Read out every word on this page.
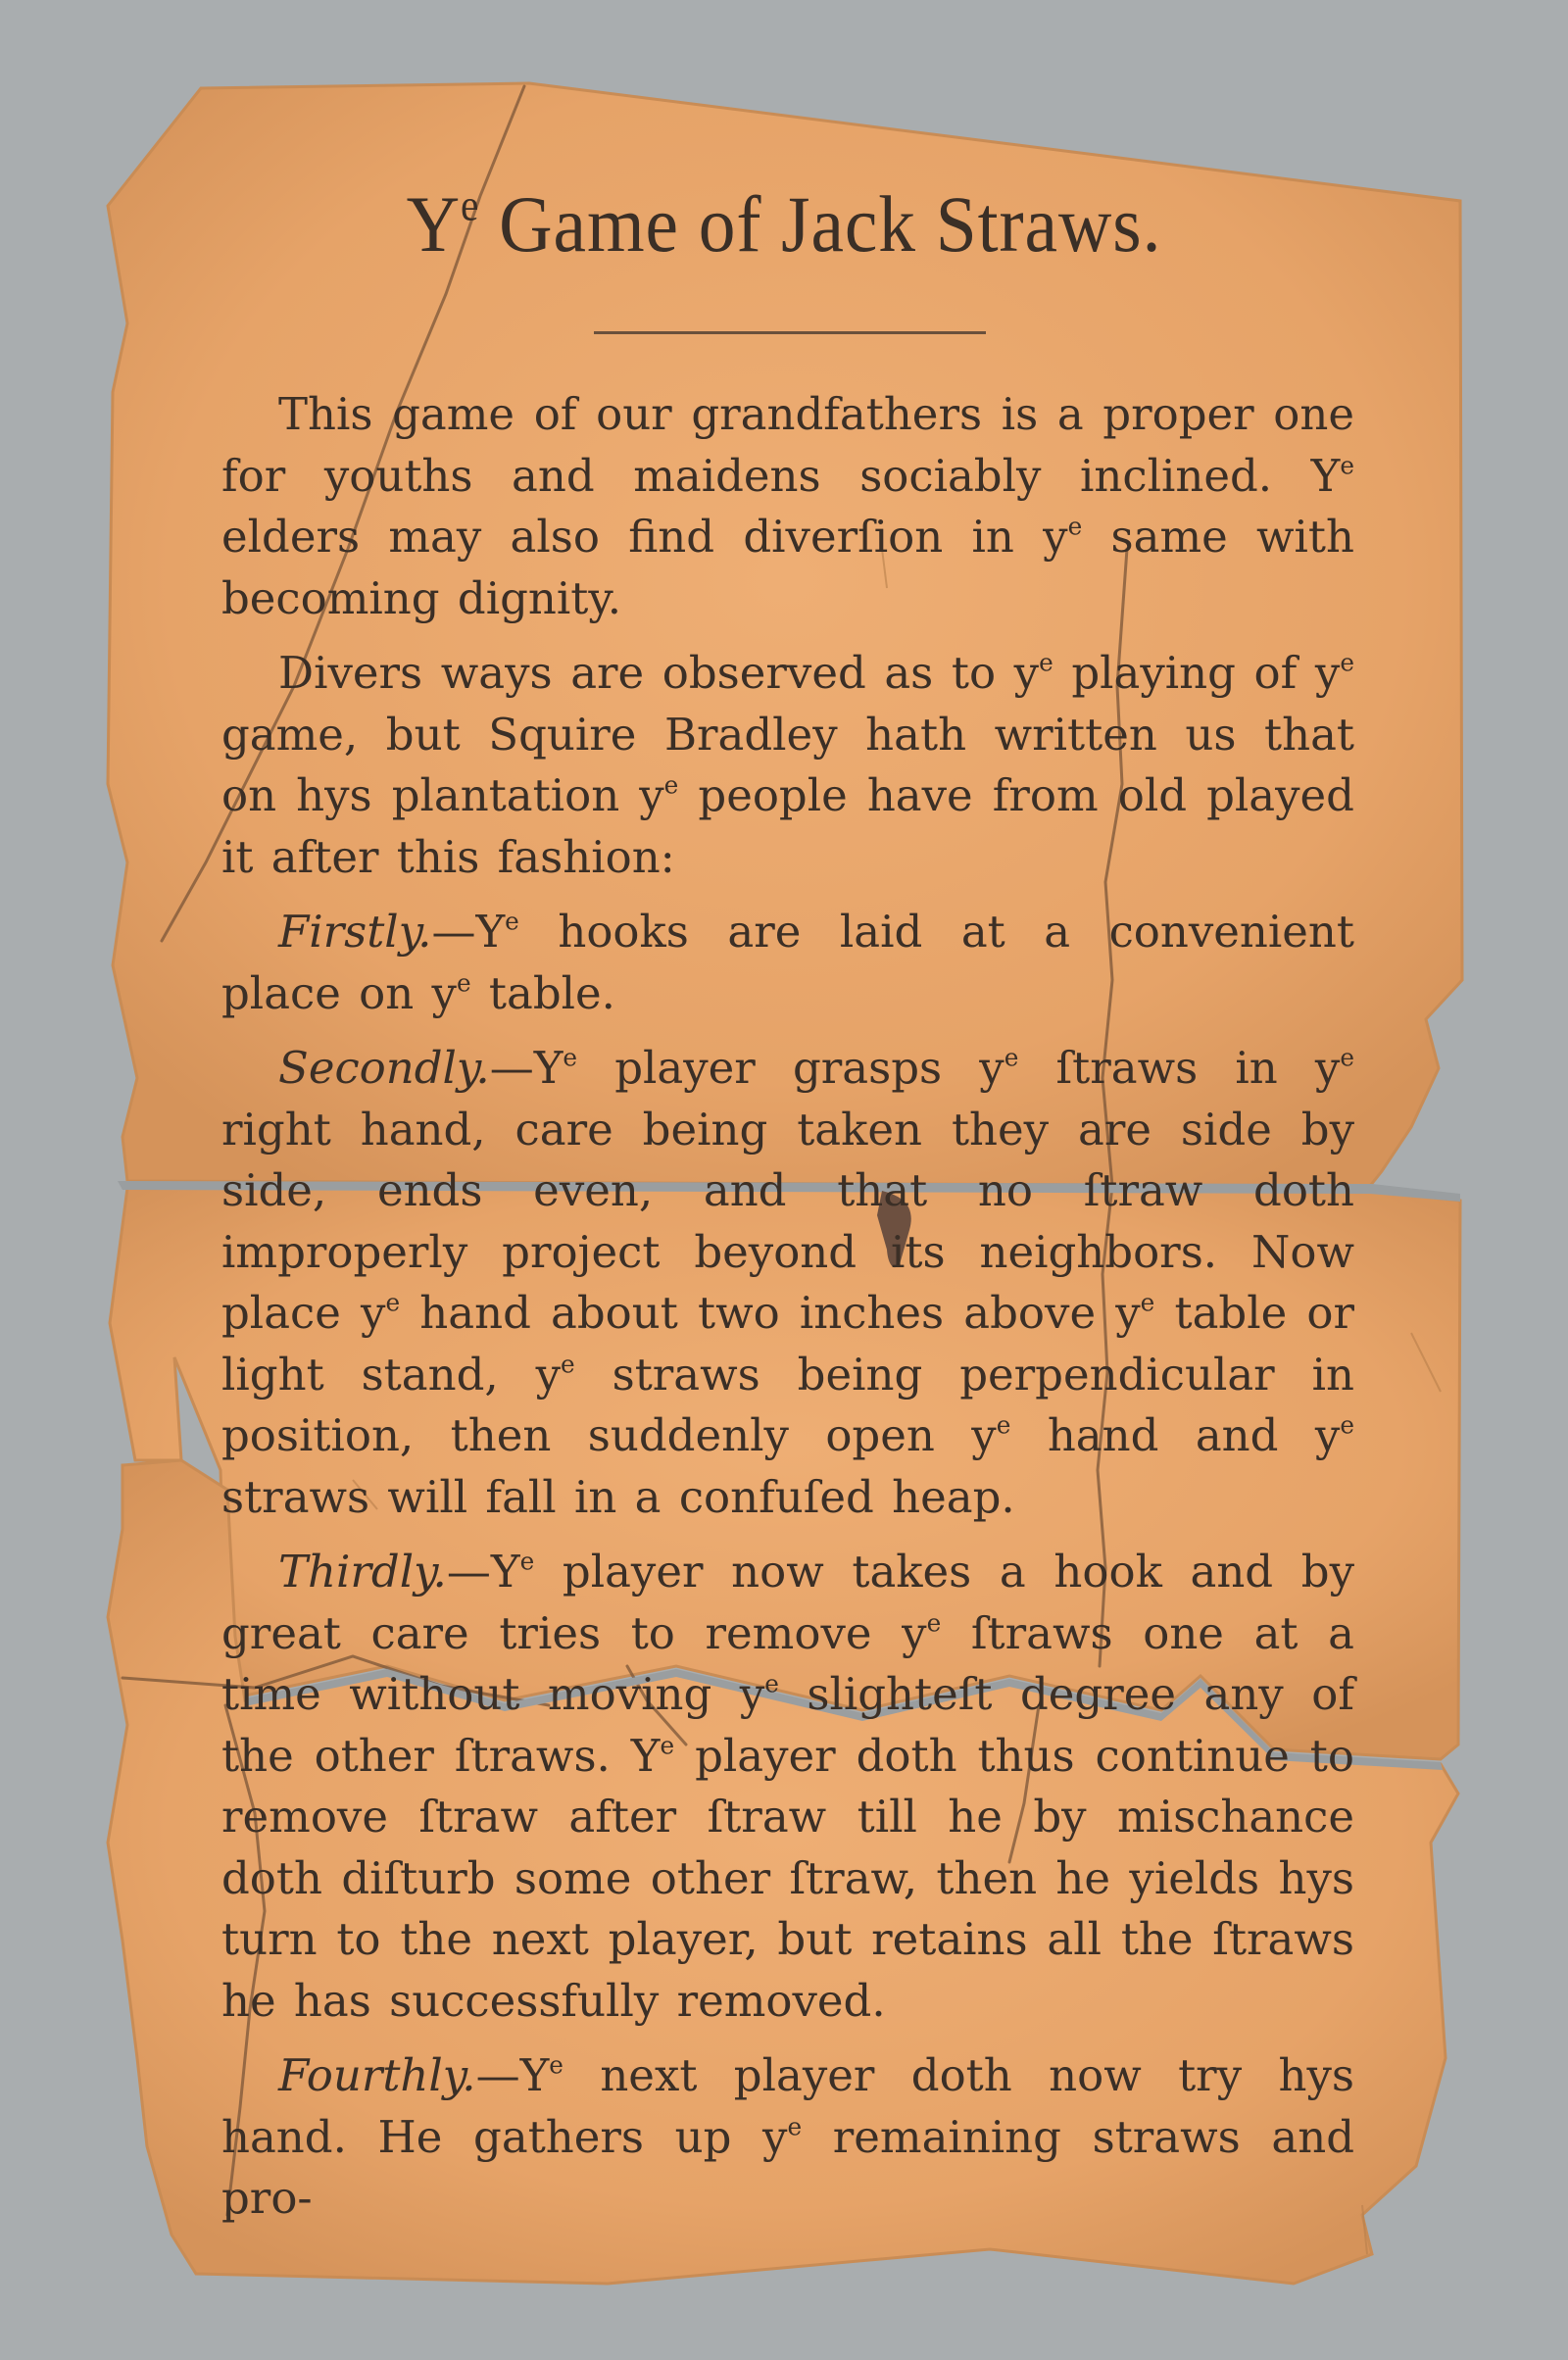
$Y^e$ Game of Jack Straws.

This game of our grandfathers is a proper one for youths and maidens sociably inclined. $Y^e$ elders may also find diverſion in $y^e$ same with becoming dignity.

Divers ways are observed as to $y^e$ playing of $y^e$ game, but Squire Bradley hath written us that on hys plantation $y^e$ people have from old played it after this fashion:

$Firstly.—Y^e$ hooks are laid at a convenient place on $y^e$ table.

$Secondly.—Y^e$ player grasps $y^e$ ſtraws in $y^e$ right hand, care being taken they are side by side, ends even, and that no ſtraw doth improperly project beyond its neighbors. Now place $y^e$ hand about two inches above $y^e$ table or light stand, $y^e$ straws being perpendicular in position, then suddenly open $y^e$ hand and $y^e$ straws will fall in a confuſed heap.

$Thirdly.—Y^e$ player now takes a hook and by great care tries to remove $y^e$ ſtraws one at a time without moving $y^e$ slighteſt degree any of the other ſtraws. $Y^e$ player doth thus continue to remove ſtraw after ſtraw till he by mischance doth diſturb some other ſtraw, then he yields hys turn to the next player, but retains all the ſtraws he has successfully removed.

$Fourthly.—Y^e$ next player doth now try hys hand. He gathers up $y^e$ remaining straws and pro-
